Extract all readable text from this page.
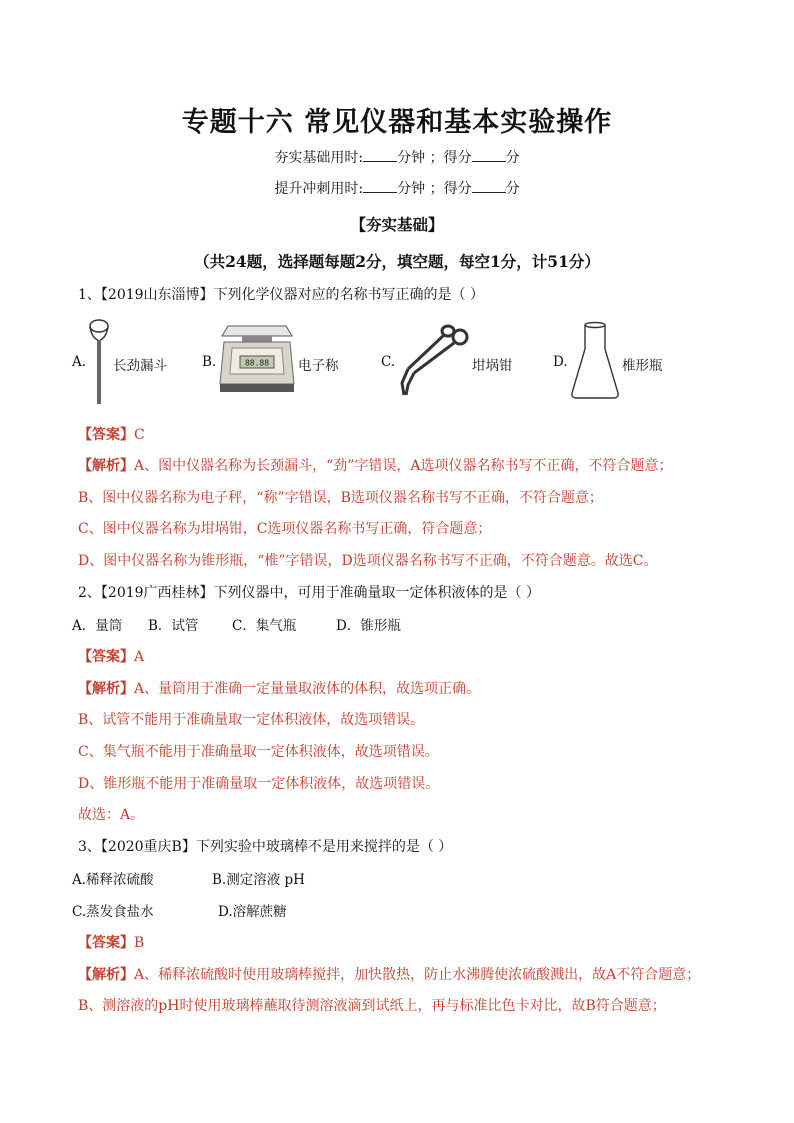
专题十六 常见仪器和基本实验操作
夯实基础用时: 分钟 ；得分 分
提升冲刺用时: 分钟 ；得分 分
【夯实基础】
（共24题，选择题每题2分，填空题，每空1分，计51分）
1、【2019山东淄博】下列化学仪器对应的名称书写正确的是（ ）
A. 长劲漏斗	B.	88.88 电子称	C.	坩埚钳	D.	椎形瓶
【答案】C
【解析】A、图中仪器名称为长颈漏斗，“劲”字错误，A选项仪器名称书写不正确，不符合题意；
B、图中仪器名称为电子秤，“称”字错误，B选项仪器名称书写不正确，不符合题意；
C、图中仪器名称为坩埚钳，C选项仪器名称书写正确，符合题意；
D、图中仪器名称为锥形瓶，“椎”字错误，D选项仪器名称书写不正确，不符合题意。故选C。
2、【2019广西桂林】下列仪器中，可用于准确量取一定体积液体的是（ ）
A．量筒 B．试管 C．集气瓶	D．锥形瓶
【答案】A
【解析】A、量筒用于准确一定量量取液体的体积，故选项正确。
B、试管不能用于准确量取一定体积液体，故选项错误。
C、集气瓶不能用于准确量取一定体积液体，故选项错误。
D、锥形瓶不能用于准确量取一定体积液体，故选项错误。
故选：A。
3、【2020重庆B】下列实验中玻璃棒不是用来搅拌的是（ ）
A.稀释浓硫酸	B.测定溶液 pH
C.蒸发食盐水	D.溶解蔗糖
【答案】B
【解析】A、稀释浓硫酸时使用玻璃棒搅拌，加快散热，防止水沸腾使浓硫酸溅出，故A不符合题意；
B、测溶液的pH时使用玻璃棒蘸取待测溶液滴到试纸上，再与标准比色卡对比，故B符合题意；
